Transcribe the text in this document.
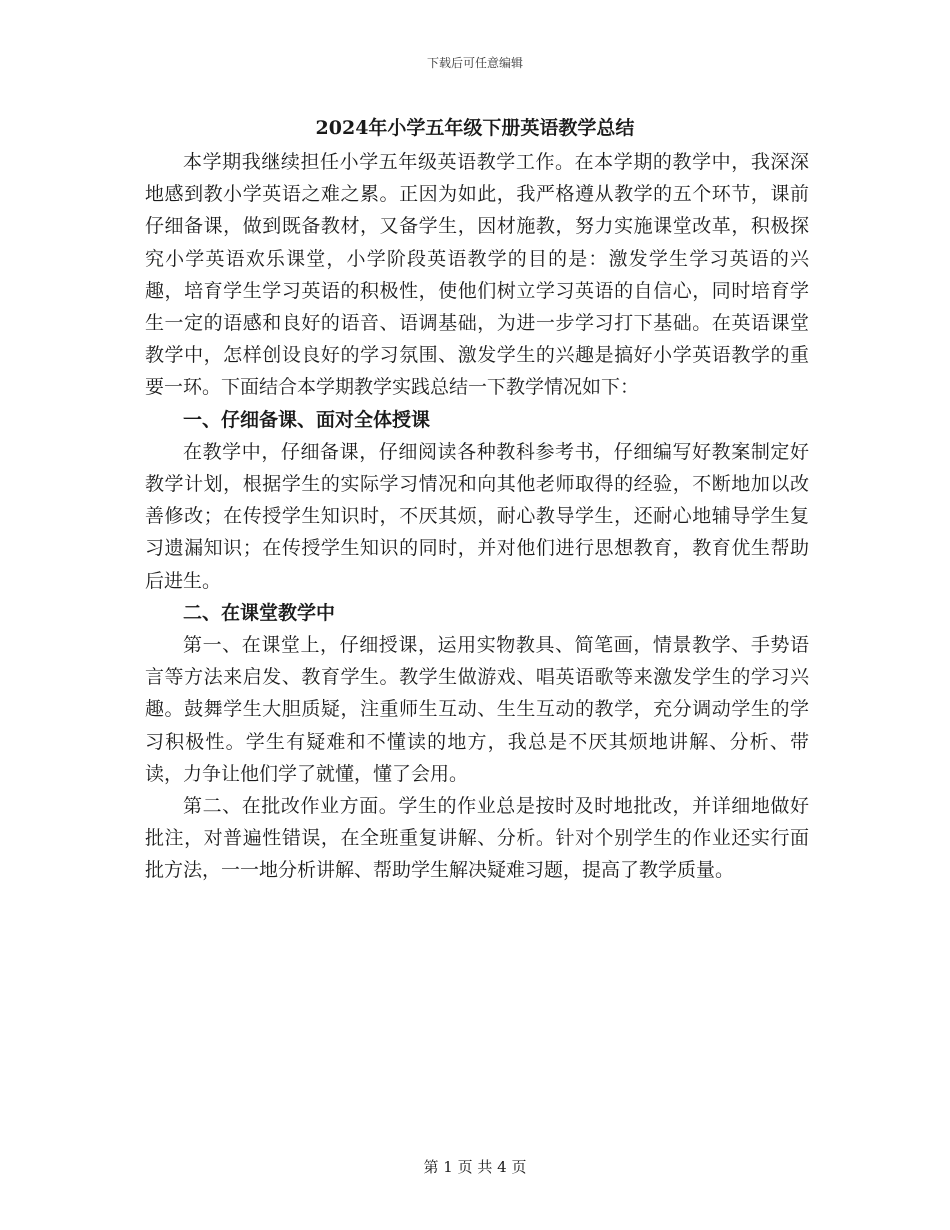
下载后可任意编辑
2024年小学五年级下册英语教学总结

本学期我继续担任小学五年级英语教学工作。在本学期的教学中，我深深地感到教小学英语之难之累。正因为如此，我严格遵从教学的五个环节，课前仔细备课，做到既备教材，又备学生，因材施教，努力实施课堂改革，积极探究小学英语欢乐课堂，小学阶段英语教学的目的是：激发学生学习英语的兴趣，培育学生学习英语的积极性，使他们树立学习英语的自信心，同时培育学生一定的语感和良好的语音、语调基础，为进一步学习打下基础。在英语课堂教学中，怎样创设良好的学习氛围、激发学生的兴趣是搞好小学英语教学的重要一环。下面结合本学期教学实践总结一下教学情况如下：

一、仔细备课、面对全体授课

在教学中，仔细备课，仔细阅读各种教科参考书，仔细编写好教案制定好教学计划，根据学生的实际学习情况和向其他老师取得的经验，不断地加以改善修改；在传授学生知识时，不厌其烦，耐心教导学生，还耐心地辅导学生复习遗漏知识；在传授学生知识的同时，并对他们进行思想教育，教育优生帮助后进生。

二、在课堂教学中

第一、在课堂上，仔细授课，运用实物教具、简笔画，情景教学、手势语言等方法来启发、教育学生。教学生做游戏、唱英语歌等来激发学生的学习兴趣。鼓舞学生大胆质疑，注重师生互动、生生互动的教学，充分调动学生的学习积极性。学生有疑难和不懂读的地方，我总是不厌其烦地讲解、分析、带读，力争让他们学了就懂，懂了会用。

第二、在批改作业方面。学生的作业总是按时及时地批改，并详细地做好批注，对普遍性错误，在全班重复讲解、分析。针对个别学生的作业还实行面批方法，一一地分析讲解、帮助学生解决疑难习题，提高了教学质量。

第 1 页 共 4 页
